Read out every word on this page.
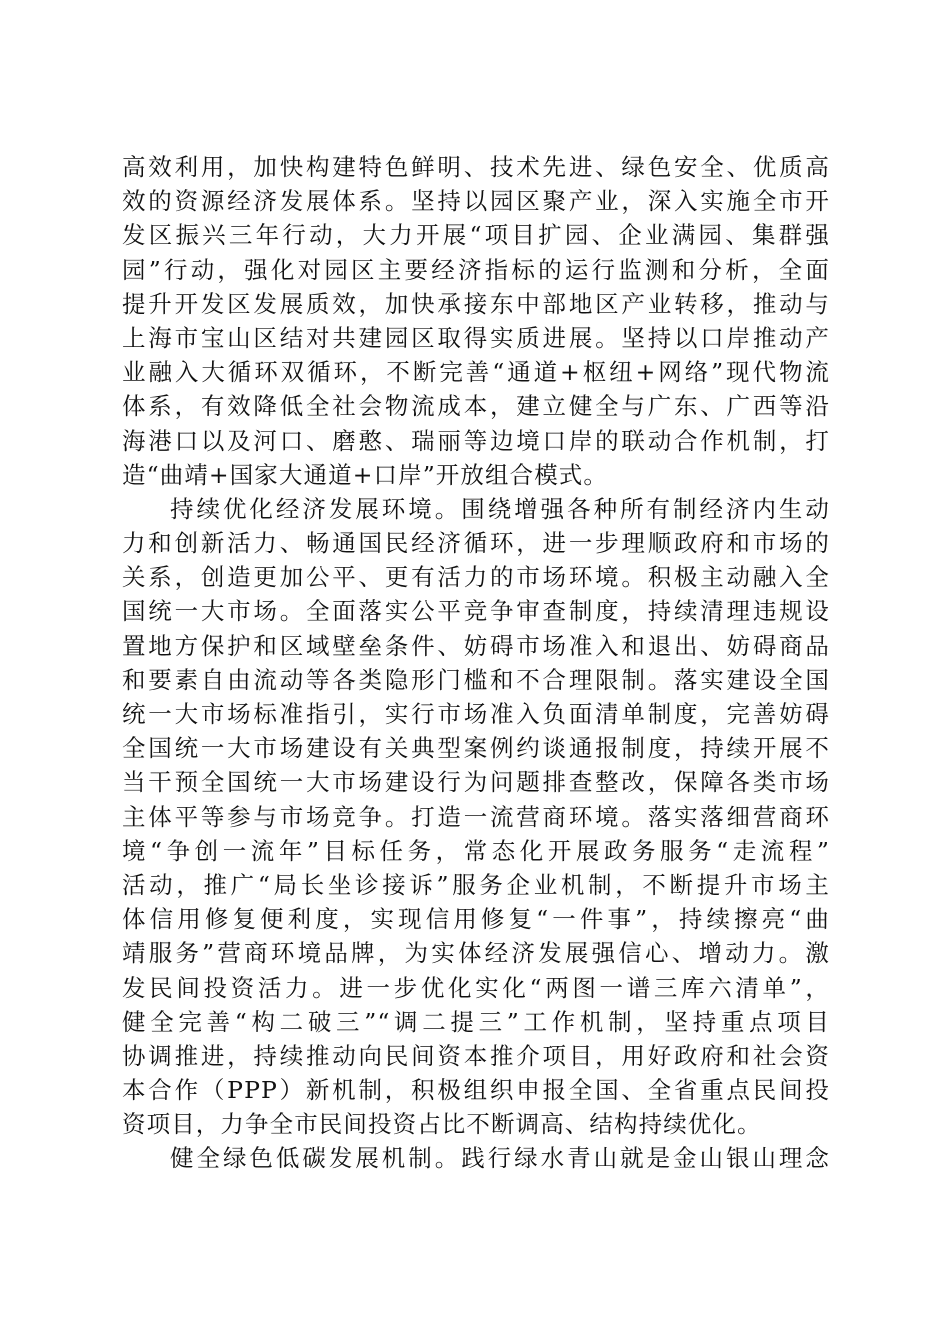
高效利用，加快构建特色鲜明、技术先进、绿色安全、优质高
效的资源经济发展体系。坚持以园区聚产业，深入实施全市开
发区振兴三年行动，大力开展“项目扩园、企业满园、集群强
园”行动，强化对园区主要经济指标的运行监测和分析，全面
提升开发区发展质效，加快承接东中部地区产业转移，推动与
上海市宝山区结对共建园区取得实质进展。坚持以口岸推动产
业融入大循环双循环，不断完善“通道+枢纽+网络”现代物流
体系，有效降低全社会物流成本，建立健全与广东、广西等沿
海港口以及河口、磨憨、瑞丽等边境口岸的联动合作机制，打
造“曲靖+国家大通道+口岸”开放组合模式。
持续优化经济发展环境。围绕增强各种所有制经济内生动
力和创新活力、畅通国民经济循环，进一步理顺政府和市场的
关系，创造更加公平、更有活力的市场环境。积极主动融入全
国统一大市场。全面落实公平竞争审查制度，持续清理违规设
置地方保护和区域壁垒条件、妨碍市场准入和退出、妨碍商品
和要素自由流动等各类隐形门槛和不合理限制。落实建设全国
统一大市场标准指引，实行市场准入负面清单制度，完善妨碍
全国统一大市场建设有关典型案例约谈通报制度，持续开展不
当干预全国统一大市场建设行为问题排查整改，保障各类市场
主体平等参与市场竞争。打造一流营商环境。落实落细营商环
境“争创一流年”目标任务，常态化开展政务服务“走流程”
活动，推广“局长坐诊接诉”服务企业机制，不断提升市场主
体信用修复便利度，实现信用修复“一件事”，持续擦亮“曲
靖服务”营商环境品牌，为实体经济发展强信心、增动力。激
发民间投资活力。进一步优化实化“两图一谱三库六清单”，
健全完善“构二破三”“调二提三”工作机制，坚持重点项目
协调推进，持续推动向民间资本推介项目，用好政府和社会资
本合作（PPP）新机制，积极组织申报全国、全省重点民间投
资项目，力争全市民间投资占比不断调高、结构持续优化。
健全绿色低碳发展机制。践行绿水青山就是金山银山理念
